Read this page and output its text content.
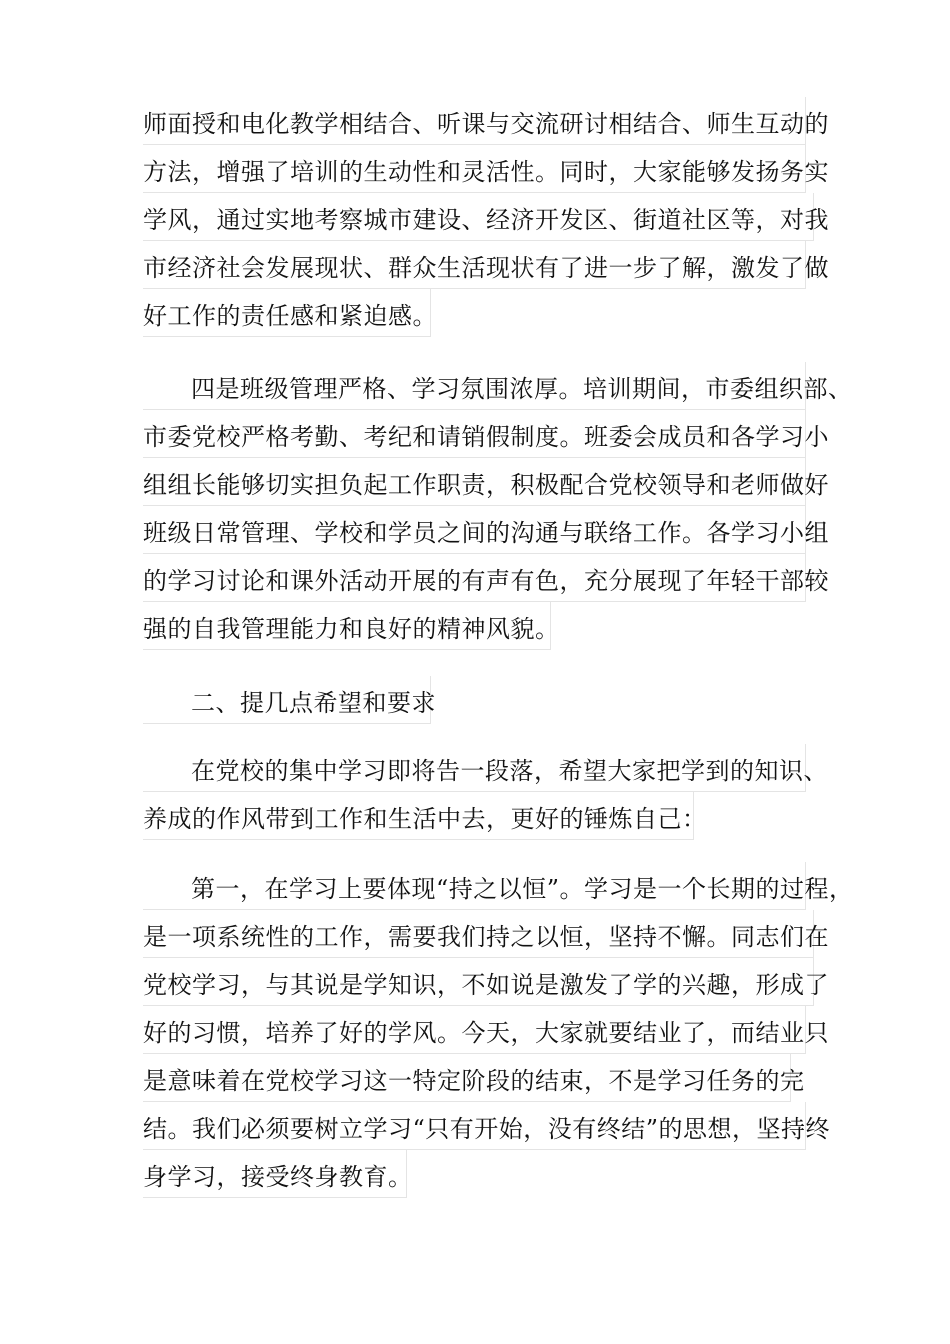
师面授和电化教学相结合、听课与交流研讨相结合、师生互动的
方法，增强了培训的生动性和灵活性。同时，大家能够发扬务实
学风，通过实地考察城市建设、经济开发区、街道社区等，对我
市经济社会发展现状、群众生活现状有了进一步了解，激发了做
好工作的责任感和紧迫感。
四是班级管理严格、学习氛围浓厚。培训期间，市委组织部、
市委党校严格考勤、考纪和请销假制度。班委会成员和各学习小
组组长能够切实担负起工作职责，积极配合党校领导和老师做好
班级日常管理、学校和学员之间的沟通与联络工作。各学习小组
的学习讨论和课外活动开展的有声有色，充分展现了年轻干部较
强的自我管理能力和良好的精神风貌。
二、提几点希望和要求
在党校的集中学习即将告一段落，希望大家把学到的知识、
养成的作风带到工作和生活中去，更好的锤炼自己：
第一，在学习上要体现“持之以恒”。学习是一个长期的过程，
是一项系统性的工作，需要我们持之以恒，坚持不懈。同志们在
党校学习，与其说是学知识，不如说是激发了学的兴趣，形成了
好的习惯，培养了好的学风。今天，大家就要结业了，而结业只
是意味着在党校学习这一特定阶段的结束，不是学习任务的完
结。我们必须要树立学习“只有开始，没有终结”的思想，坚持终
身学习，接受终身教育。
